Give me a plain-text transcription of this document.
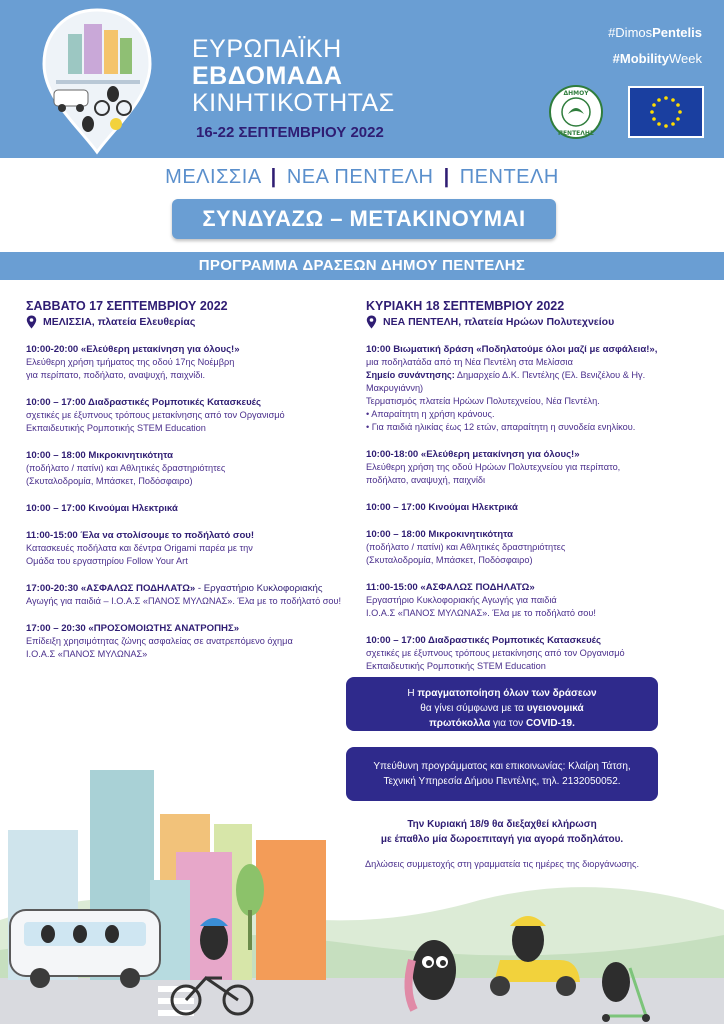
ΕΥΡΩΠΑΪΚΗ
ΕΒΔΟΜΑΔΑ
ΚΙΝΗΤΙΚΟΤΗΤΑΣ
16-22 ΣΕΠΤΕΜΒΡΙΟΥ 2022
#DimosPentelis
#MobilityWeek
ΔΗΜΟΥ
ΠΕΝΤΕΛΗΣ
ΜΕΛΙΣΣΙΑ | ΝΕΑ ΠΕΝΤΕΛΗ | ΠΕΝΤΕΛΗ
ΣΥΝΔΥΑΖΩ – ΜΕΤΑΚΙΝΟΥΜΑΙ
ΠΡΟΓΡΑΜΜΑ ΔΡΑΣΕΩΝ ΔΗΜΟΥ ΠΕΝΤΕΛΗΣ
ΣΑΒΒΑΤΟ 17 ΣΕΠΤΕΜΒΡΙΟΥ 2022
ΜΕΛΙΣΣΙΑ, πλατεία Ελευθερίας
10:00-20:00 «Ελεύθερη μετακίνηση για όλους!»
Ελεύθερη χρήση τμήματος της οδού 17ης Νοέμβρη
για περίπατο, ποδήλατο, αναψυχή, παιχνίδι.
10:00 – 17:00 Διαδραστικές Ρομποτικές Κατασκευές
σχετικές με έξυπνους τρόπους μετακίνησης από τον Οργανισμό
Εκπαιδευτικής Ρομποτικής STEM Education
10:00 – 18:00 Μικροκινητικότητα
(ποδήλατο / πατίνι) και Αθλητικές δραστηριότητες
(Σκυταλοδρομία, Μπάσκετ, Ποδόσφαιρο)
10:00 – 17:00 Κινούμαι Ηλεκτρικά
11:00-15:00 Έλα να στολίσουμε το ποδήλατό σου!
Κατασκευές ποδήλατα και δέντρα Origami παρέα με την
Ομάδα του εργαστηρίου Follow Your Art
17:00-20:30 «ΑΣΦΑΛΩΣ ΠΟΔΗΛΑΤΩ» - Εργαστήριο Κυκλοφοριακής
Αγωγής για παιδιά – Ι.Ο.Α.Σ «ΠΑΝΟΣ ΜΥΛΩΝΑΣ». Έλα με το ποδήλατό σου!
17:00 – 20:30 «ΠΡΟΣΟΜΟΙΩΤΗΣ ΑΝΑΤΡΟΠΗΣ»
Επίδειξη χρησιμότητας ζώνης ασφαλείας σε ανατρεπόμενο όχημα
Ι.Ο.Α.Σ «ΠΑΝΟΣ ΜΥΛΩΝΑΣ»
ΚΥΡΙΑΚΗ 18 ΣΕΠΤΕΜΒΡΙΟΥ 2022
ΝΕΑ ΠΕΝΤΕΛΗ, πλατεία Ηρώων Πολυτεχνείου
10:00 Βιωματική δράση «Ποδηλατούμε όλοι μαζί με ασφάλεια!»,
μια ποδηλατάδα από τη Νέα Πεντέλη στα Μελίσσια
Σημείο συνάντησης: Δημαρχείο Δ.Κ. Πεντέλης (Ελ. Βενιζέλου & Ηγ. Μακρυγιάννη)
Τερματισμός πλατεία Ηρώων Πολυτεχνείου, Νέα Πεντέλη.
• Απαραίτητη η χρήση κράνους.
• Για παιδιά ηλικίας έως 12 ετών, απαραίτητη η συνοδεία ενηλίκου.
10:00-18:00 «Ελεύθερη μετακίνηση για όλους!»
Ελεύθερη χρήση της οδού Ηρώων Πολυτεχνείου για περίπατο,
ποδήλατο, αναψυχή, παιχνίδι
10:00 – 17:00 Κινούμαι Ηλεκτρικά
10:00 – 18:00 Μικροκινητικότητα
(ποδήλατο / πατίνι) και Αθλητικές δραστηριότητες
(Σκυταλοδρομία, Μπάσκετ, Ποδόσφαιρο)
11:00-15:00 «ΑΣΦΑΛΩΣ ΠΟΔΗΛΑΤΩ»
Εργαστήριο Κυκλοφοριακής Αγωγής για παιδιά
Ι.Ο.Α.Σ «ΠΑΝΟΣ ΜΥΛΩΝΑΣ». Έλα με το ποδήλατό σου!
10:00 – 17:00 Διαδραστικές Ρομποτικές Κατασκευές
σχετικές με έξυπνους τρόπους μετακίνησης από τον Οργανισμό
Εκπαιδευτικής Ρομποτικής STEM Education
Η πραγματοποίηση όλων των δράσεων
θα γίνει σύμφωνα με τα υγειονομικά
πρωτόκολλα για τον COVID-19.
Υπεύθυνη προγράμματος και επικοινωνίας: Κλαίρη Τάτση,
Τεχνική Υπηρεσία Δήμου Πεντέλης, τηλ. 2132050052.
Την Κυριακή 18/9 θα διεξαχθεί κλήρωση
με έπαθλο μία δωροεπιταγή για αγορά ποδηλάτου.
Δηλώσεις συμμετοχής στη γραμματεία τις ημέρες της διοργάνωσης.
